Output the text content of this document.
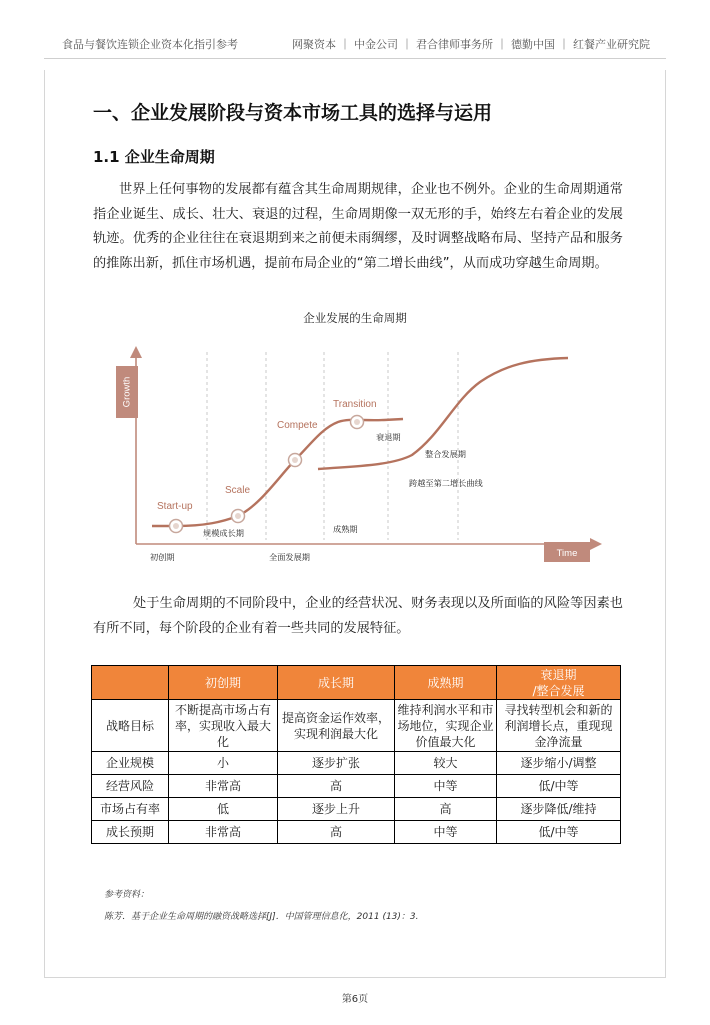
食品与餐饮连锁企业资本化指引参考	网聚资本 ｜ 中金公司 ｜ 君合律师事务所 ｜ 德勤中国 ｜ 红餐产业研究院
一、企业发展阶段与资本市场工具的选择与运用
1.1 企业生命周期

世界上任何事物的发展都有蕴含其生命周期规律，企业也不例外。企业的生命周期通常指企业诞生、成长、壮大、衰退的过程，生命周期像一双无形的手，始终左右着企业的发展轨迹。优秀的企业往往在衰退期到来之前便未雨绸缪，及时调整战略布局、坚持产品和服务的推陈出新，抓住市场机遇，提前布局企业的“第二增长曲线”，从而成功穿越生命周期。

企业发展的生命周期
Growth
Time
Start-up
Scale
Compete
Transition
衰退期
整合发展期
跨越至第二增长曲线
成熟期
规模成长期
初创期	全面发展期

处于生命周期的不同阶段中，企业的经营状况、财务表现以及所面临的风险等因素也有所不同，每个阶段的企业有着一些共同的发展特征。

	初创期	成长期	成熟期	衰退期
/整合发展
战略目标	不断提高市场占有率，实现收入最大化	提高资金运作效率，实现利润最大化	维持利润水平和市场地位，实现企业价值最大化	寻找转型机会和新的利润增长点，重现现金净流量
企业规模	小	逐步扩张	较大	逐步缩小/调整
经营风险	非常高	高	中等	低/中等
市场占有率	低	逐步上升	高	逐步降低/维持
成长预期	非常高	高	中等	低/中等
参考资料：
陈芳．基于企业生命周期的融资战略选择[J]．中国管理信息化，2011 (13)：3.
第6页
